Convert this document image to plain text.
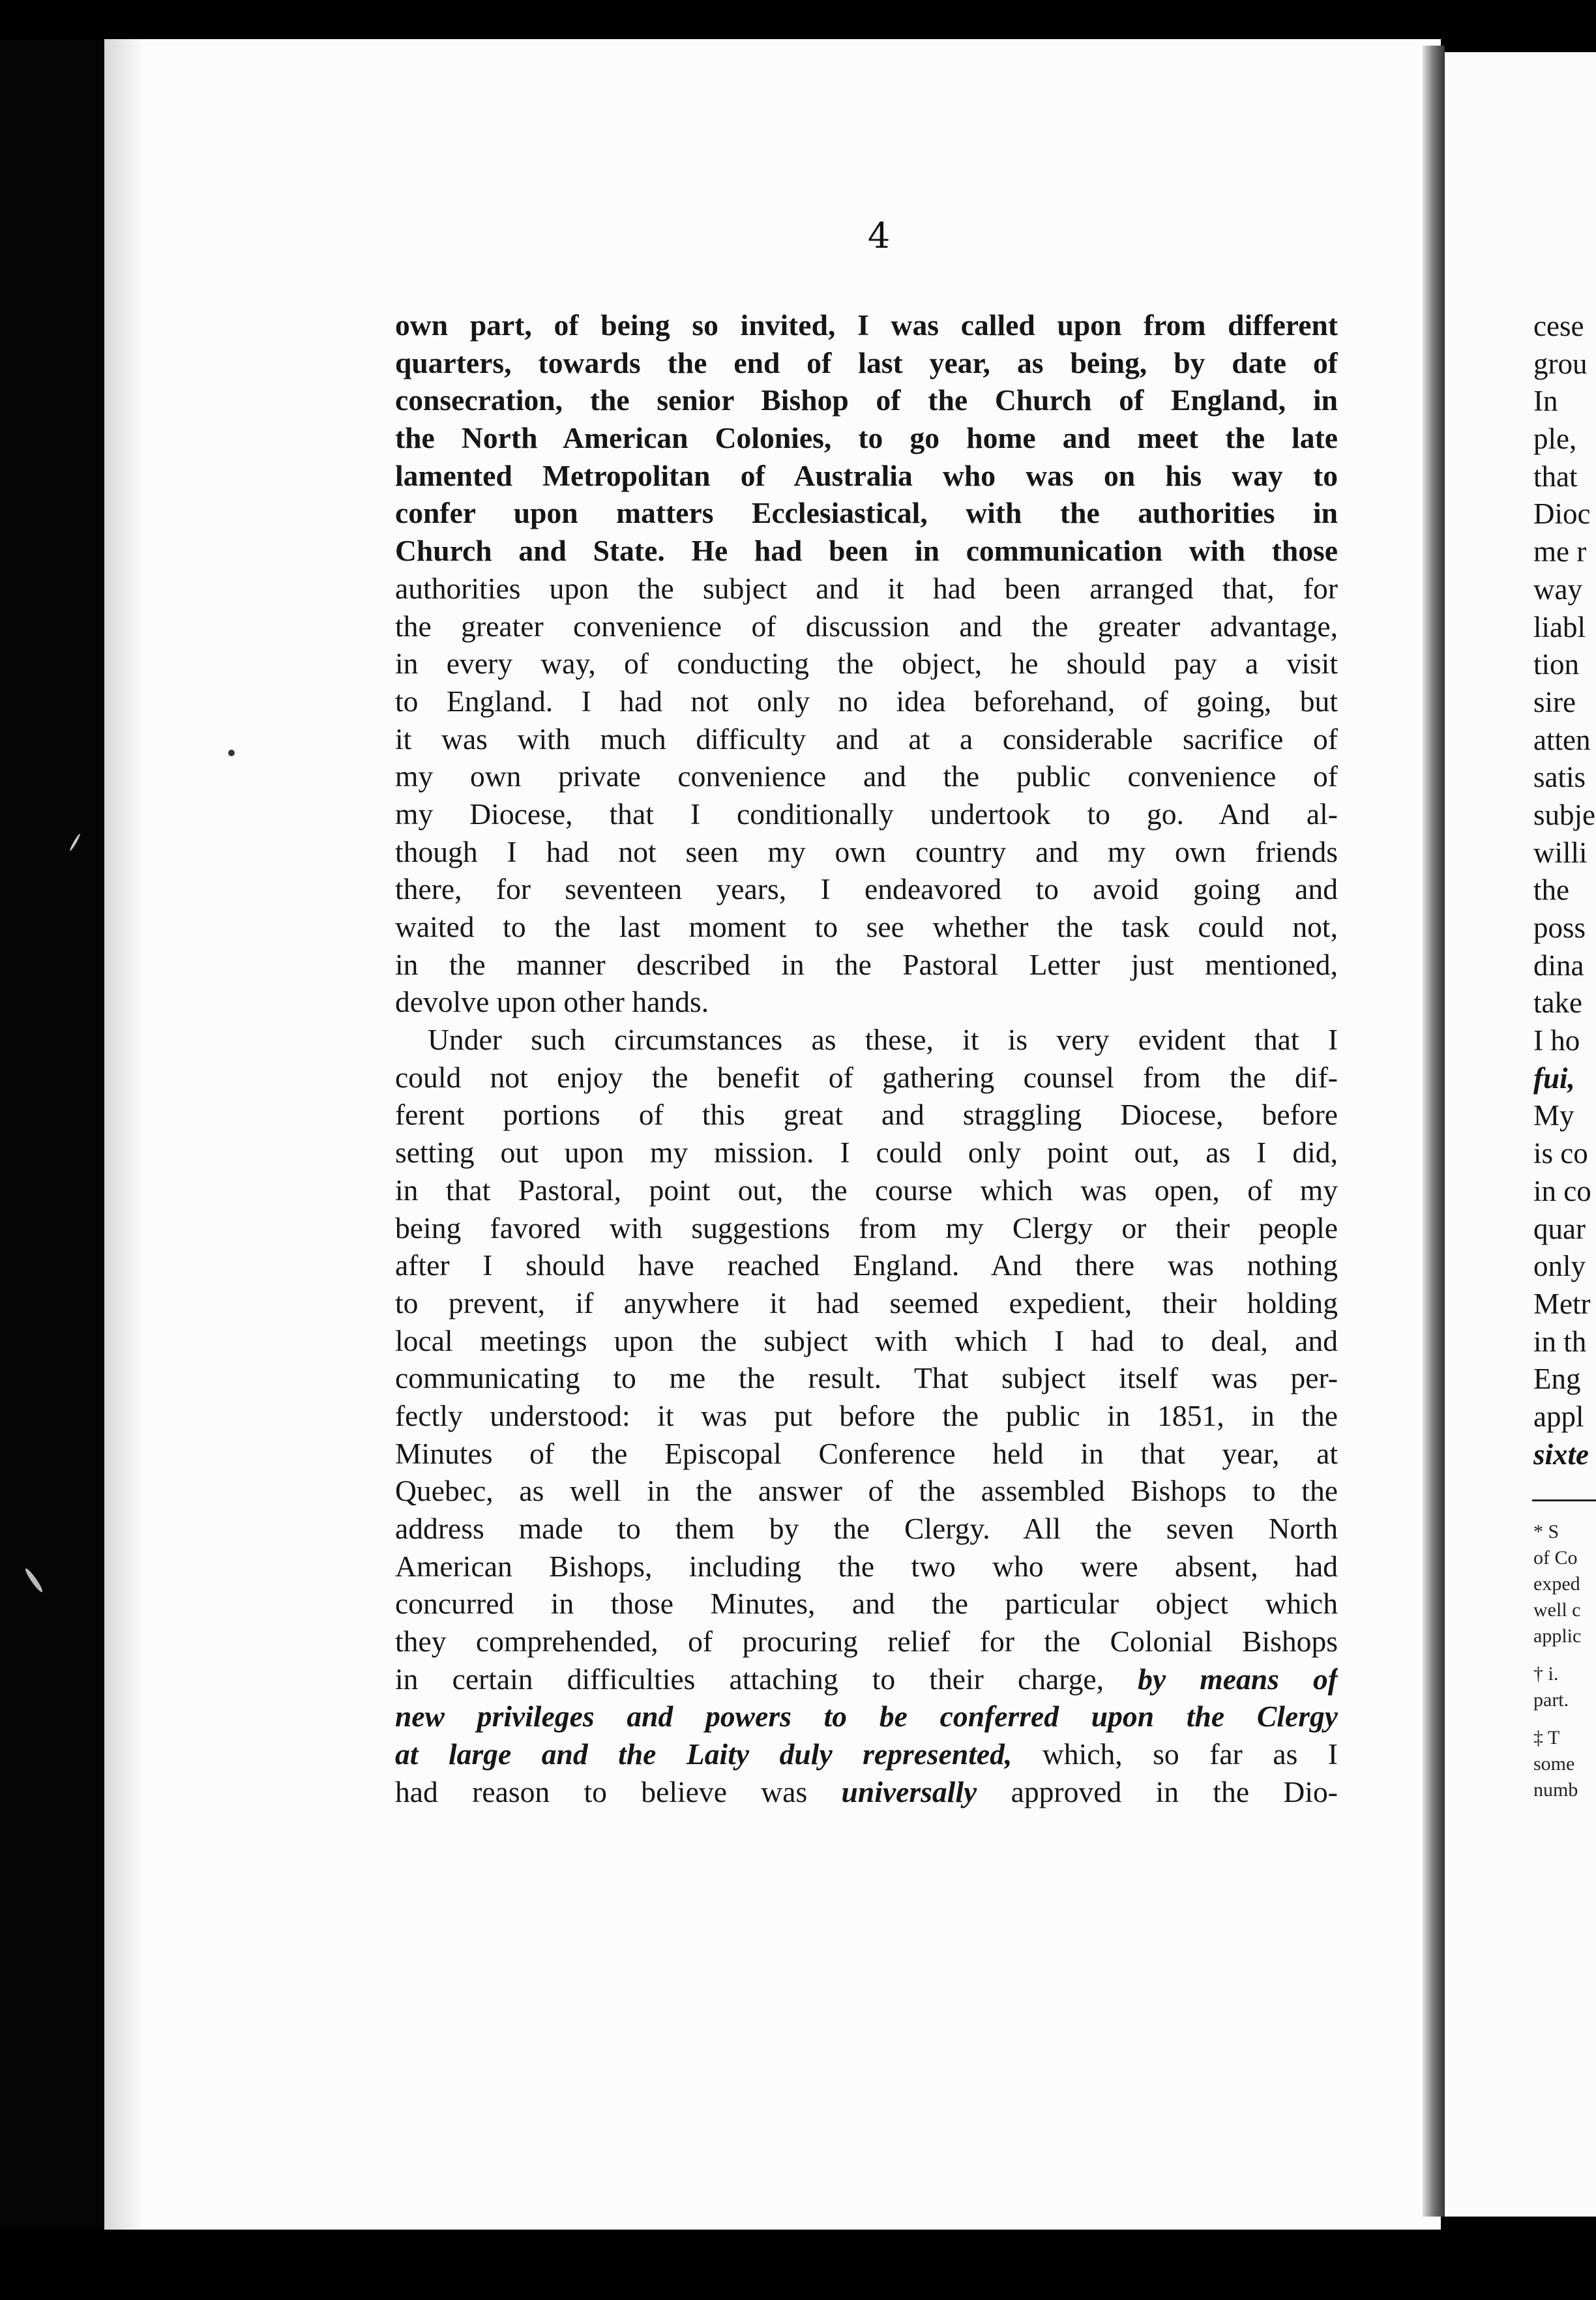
4
own part, of being so invited, I was called upon from different
quarters, towards the end of last year, as being, by date of
consecration, the senior Bishop of the Church of England, in
the North American Colonies, to go home and meet the late
lamented Metropolitan of Australia who was on his way to
confer upon matters Ecclesiastical, with the authorities in
Church and State. He had been in communication with those
authorities upon the subject and it had been arranged that, for
the greater convenience of discussion and the greater advantage,
in every way, of conducting the object, he should pay a visit
to England. I had not only no idea beforehand, of going, but
it was with much difficulty and at a considerable sacrifice of
my own private convenience and the public convenience of
my Diocese, that I conditionally undertook to go. And al-
though I had not seen my own country and my own friends
there, for seventeen years, I endeavored to avoid going and
waited to the last moment to see whether the task could not,
in the manner described in the Pastoral Letter just mentioned,
devolve upon other hands.
Under such circumstances as these, it is very evident that I
could not enjoy the benefit of gathering counsel from the dif-
ferent portions of this great and straggling Diocese, before
setting out upon my mission. I could only point out, as I did,
in that Pastoral, point out, the course which was open, of my
being favored with suggestions from my Clergy or their people
after I should have reached England. And there was nothing
to prevent, if anywhere it had seemed expedient, their holding
local meetings upon the subject with which I had to deal, and
communicating to me the result. That subject itself was per-
fectly understood: it was put before the public in 1851, in the
Minutes of the Episcopal Conference held in that year, at
Quebec, as well in the answer of the assembled Bishops to the
address made to them by the Clergy. All the seven North
American Bishops, including the two who were absent, had
concurred in those Minutes, and the particular object which
they comprehended, of procuring relief for the Colonial Bishops
in certain difficulties attaching to their charge, by means of
new privileges and powers to be conferred upon the Clergy
at large and the Laity duly represented, which, so far as I
had reason to believe was universally approved in the Dio-
cese
grou
In
ple,
that
Dioc
me r
way
liabl
tion
sire
atten
satis
subje
willi
the
poss
dina
take
I ho
fui,
My
is co
in co
quar
only
Metr
in th
Eng
appl
sixte
* S
of Co
exped
well c
applic
† i.
part.
‡ T
some
numb
